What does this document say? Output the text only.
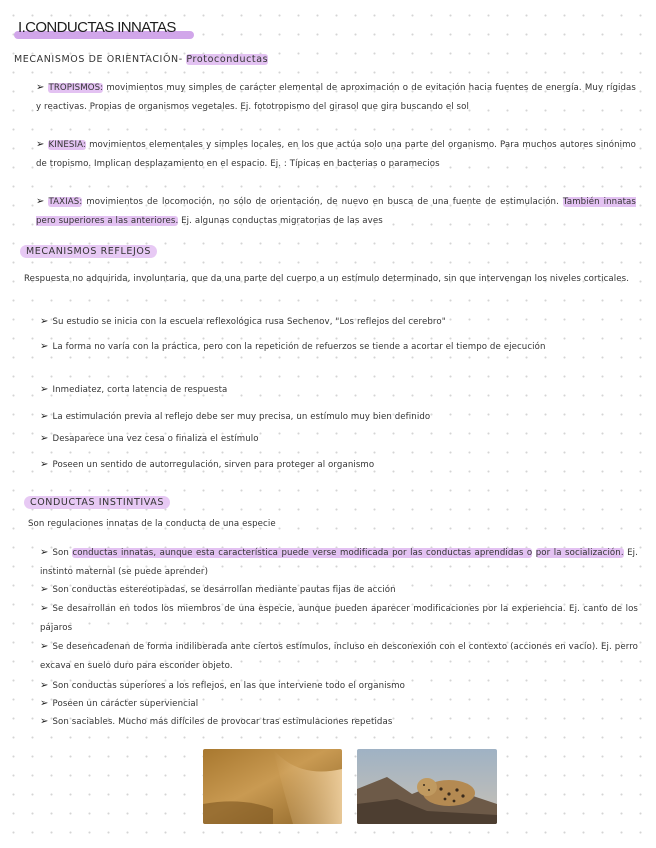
I.CONDUCTAS INNATAS
MECANISMOS DE ORIENTACIÓN- Protoconductas
➢ TROPISMOS: movimientos muy simples de carácter elemental de aproximación o de evitación hacia fuentes de energía. Muy rígidas y reactivas. Propias de organismos vegetales. Ej. fototropismo del girasol que gira buscando el sol
➢ KINESIA: movimientos elementales y simples locales, en los que actúa solo una parte del organismo. Para muchos autores sinónimo de tropismo. Implican desplazamiento en el espacio. Ej. : Típicas en bacterias o paramecios
➢ TAXIAS: movimientos de locomoción, no sólo de orientación, de nuevo en busca de una fuente de estimulación. También innatas pero superiores a las anteriores. Ej. algunas conductas migratorias de las aves
MECANISMOS REFLEJOS
Respuesta no adquirida, involuntaria, que da una parte del cuerpo a un estímulo determinado, sin que intervengan los niveles corticales.
➢ Su estudio se inicia con la escuela reflexológica rusa Sechenov, "Los reflejos del cerebro"
➢ La forma no varía con la práctica, pero con la repetición de refuerzos se tiende a acortar el tiempo de ejecución
➢ Inmediatez, corta latencia de respuesta
➢ La estimulación previa al reflejo debe ser muy precisa, un estímulo muy bien definido
➢ Desaparece una vez cesa o finaliza el estímulo
➢ Poseen un sentido de autorregulación, sirven para proteger al organismo
CONDUCTAS INSTINTIVAS
Son regulaciones innatas de la conducta de una especie
➢ Son conductas innatas, aunque esta característica puede verse modificada por las conductas aprendidas o por la socialización. Ej. instinto maternal (se puede aprender)
➢ Son conductas estereotipadas, se desarrollan mediante pautas fijas de acción
➢ Se desarrollan en todos los miembros de una especie, aunque pueden aparecer modificaciones por la experiencia. Ej. canto de los pájaros
➢ Se desencadenan de forma indiliberada ante ciertos estímulos, incluso en desconexión con el contexto (acciones en vacío). Ej. perro excava en suelo duro para esconder objeto.
➢ Son conductas superiores a los reflejos, en las que interviene todo el organismo
➢ Poseen un carácter superviencial
➢ Son saciables. Mucho más difíciles de provocar tras estimulaciones repetidas
